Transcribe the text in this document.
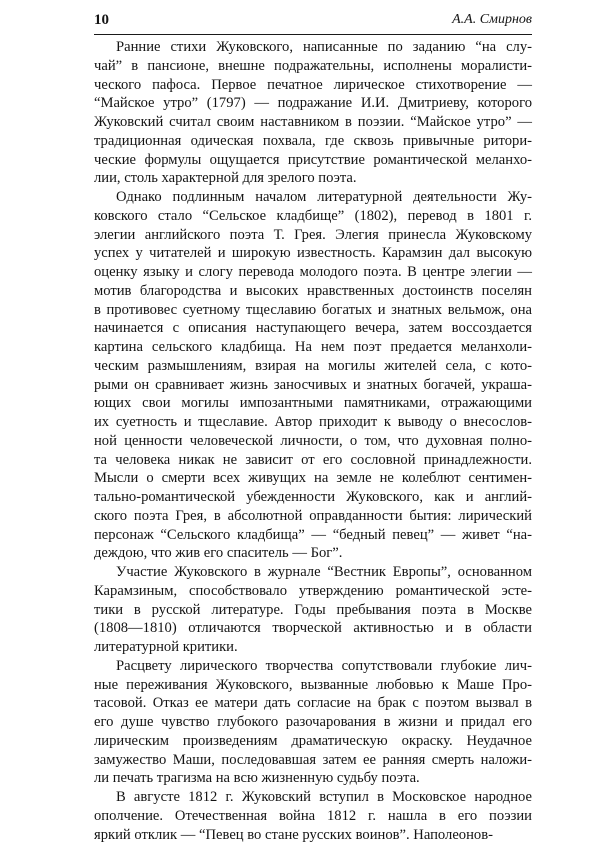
10	А.А. Смирнов
Ранние стихи Жуковского, написанные по заданию “на слу-
чай” в пансионе, внешне подражательны, исполнены моралисти-
ческого пафоса. Первое печатное лирическое стихотворение —
“Майское утро” (1797) — подражание И.И. Дмитриеву, которого
Жуковский считал своим наставником в поэзии. “Майское утро” —
традиционная одическая похвала, где сквозь привычные ритори-
ческие формулы ощущается присутствие романтической меланхо-
лии, столь характерной для зрелого поэта.
Однако подлинным началом литературной деятельности Жу-
ковского стало “Сельское кладбище” (1802), перевод в 1801 г.
элегии английского поэта Т. Грея. Элегия принесла Жуковскому
успех у читателей и широкую известность. Карамзин дал высокую
оценку языку и слогу перевода молодого поэта. В центре элегии —
мотив благородства и высоких нравственных достоинств поселян
в противовес суетному тщеславию богатых и знатных вельмож, она
начинается с описания наступающего вечера, затем воссоздается
картина сельского кладбища. На нем поэт предается меланхоли-
ческим размышлениям, взирая на могилы жителей села, с кото-
рыми он сравнивает жизнь заносчивых и знатных богачей, украша-
ющих свои могилы импозантными памятниками, отражающими
их суетность и тщеславие. Автор приходит к выводу о внесослов-
ной ценности человеческой личности, о том, что духовная полно-
та человека никак не зависит от его сословной принадлежности.
Мысли о смерти всех живущих на земле не колеблют сентимен-
тально-романтической убежденности Жуковского, как и англий-
ского поэта Грея, в абсолютной оправданности бытия: лирический
персонаж “Сельского кладбища” — “бедный певец” — живет “на-
деждою, что жив его спаситель — Бог”.
Участие Жуковского в журнале “Вестник Европы”, основанном
Карамзиным, способствовало утверждению романтической эсте-
тики в русской литературе. Годы пребывания поэта в Москве
(1808—1810) отличаются творческой активностью и в области
литературной критики.
Расцвету лирического творчества сопутствовали глубокие лич-
ные переживания Жуковского, вызванные любовью к Маше Про-
тасовой. Отказ ее матери дать согласие на брак с поэтом вызвал в
его душе чувство глубокого разочарования в жизни и придал его
лирическим произведениям драматическую окраску. Неудачное
замужество Маши, последовавшая затем ее ранняя смерть наложи-
ли печать трагизма на всю жизненную судьбу поэта.
В августе 1812 г. Жуковский вступил в Московское народное
ополчение. Отечественная война 1812 г. нашла в его поэзии
яркий отклик — “Певец во стане русских воинов”. Наполеонов-
